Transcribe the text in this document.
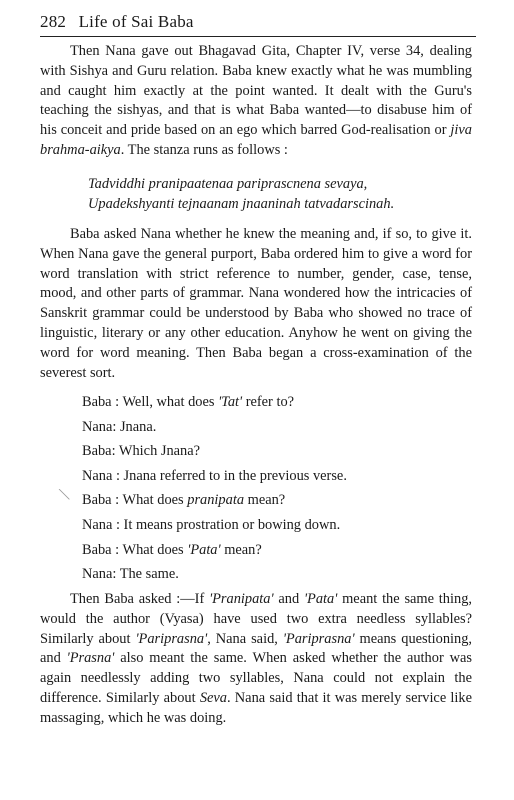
282 Life of Sai Baba

Then Nana gave out Bhagavad Gita, Chapter IV, verse 34, dealing with Sishya and Guru relation. Baba knew exactly what he was mumbling and caught him exactly at the point wanted. It dealt with the Guru's teaching the sishyas, and that is what Baba wanted—to disabuse him of his conceit and pride based on an ego which barred God-realisation or jiva brahma-aikya. The stanza runs as follows :

Tadviddhi pranipaatenaa pariprascnena sevaya,
Upadekshyanti tejnaanam jnaaninah tatvadarscinah.

Baba asked Nana whether he knew the meaning and, if so, to give it. When Nana gave the general purport, Baba ordered him to give a word for word translation with strict reference to number, gender, case, tense, mood, and other parts of grammar. Nana wondered how the intricacies of Sanskrit grammar could be understood by Baba who showed no trace of linguistic, literary or any other education. Anyhow he went on giving the word for word meaning. Then Baba began a cross-examination of the severest sort.

Baba : Well, what does 'Tat' refer to?
Nana: Jnana.
Baba: Which Jnana?
Nana : Jnana referred to in the previous verse.
Baba : What does pranipata mean?
Nana : It means prostration or bowing down.
Baba : What does 'Pata' mean?
Nana: The same.
╲

Then Baba asked :—If 'Pranipata' and 'Pata' meant the same thing, would the author (Vyasa) have used two extra needless syllables? Similarly about 'Pariprasna', Nana said, 'Pariprasna' means questioning, and 'Prasna' also meant the same. When asked whether the author was again needlessly adding two syllables, Nana could not explain the difference. Similarly about Seva. Nana said that it was merely service like massaging, which he was doing.
